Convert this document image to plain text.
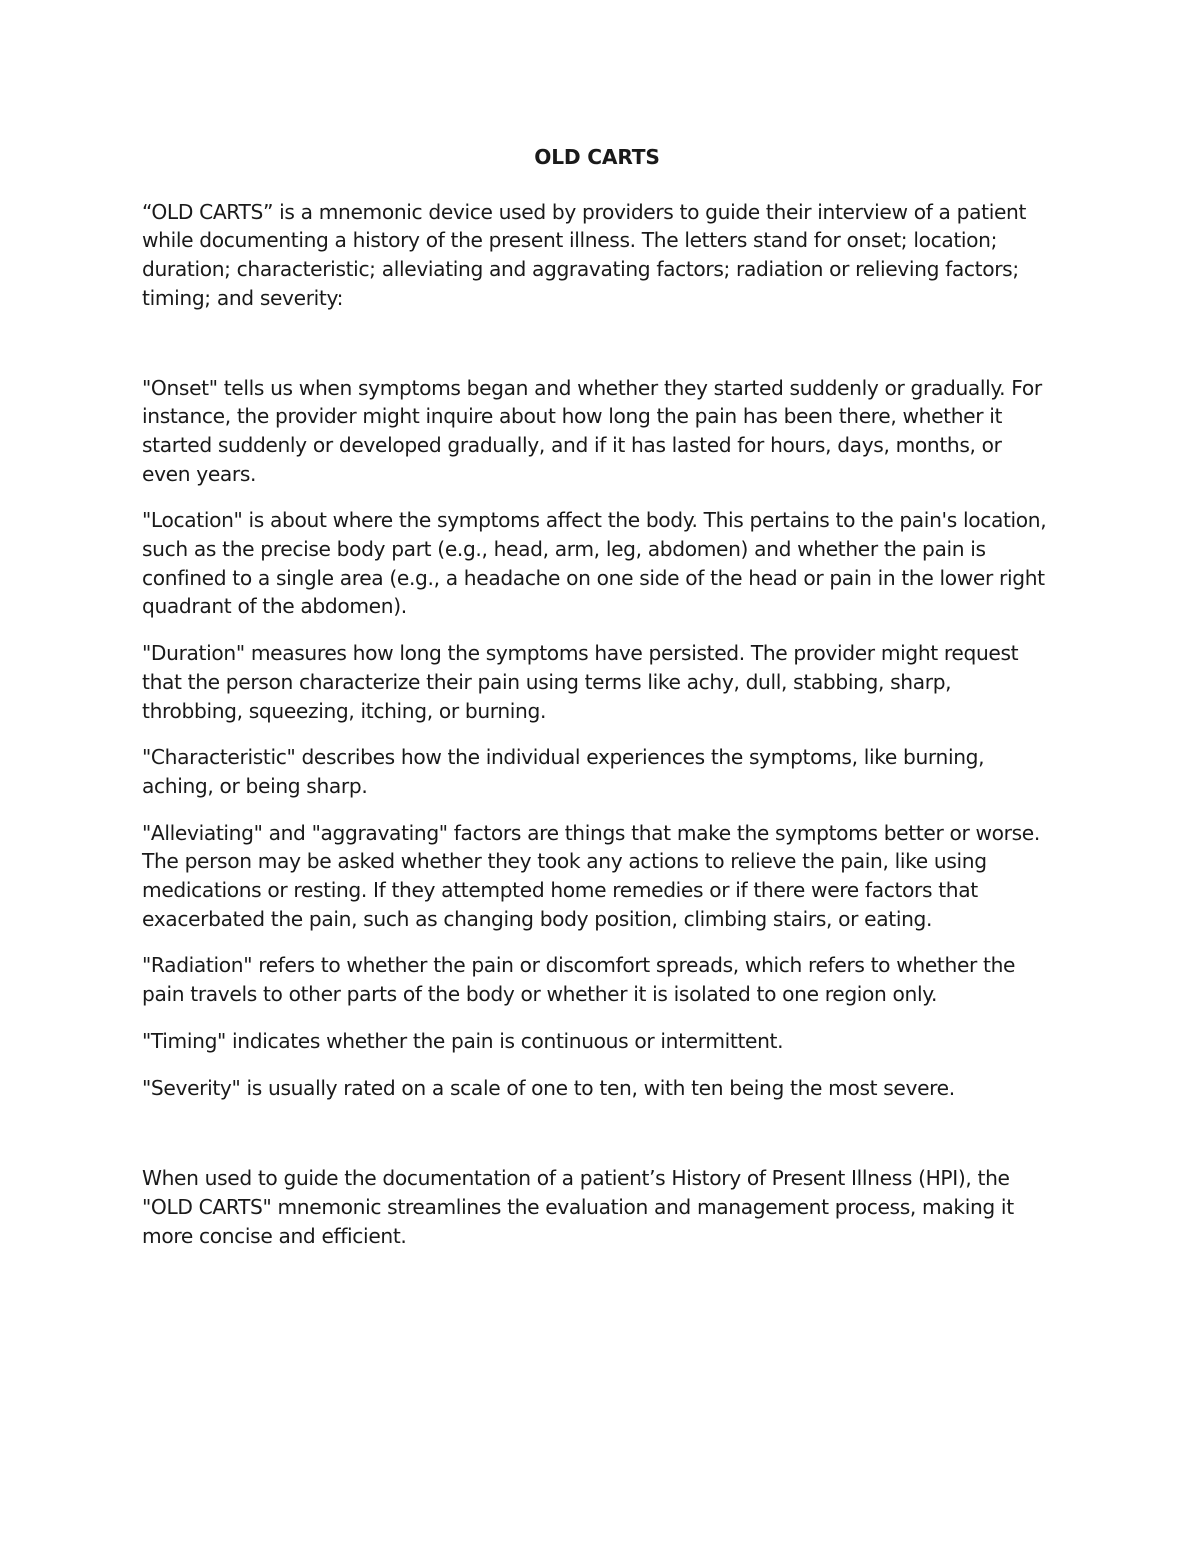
OLD CARTS
“OLD CARTS” is a mnemonic device used by providers to guide their interview of a patient while documenting a history of the present illness. The letters stand for onset; location; duration; characteristic; alleviating and aggravating factors; radiation or relieving factors; timing; and severity:
"Onset" tells us when symptoms began and whether they started suddenly or gradually. For instance, the provider might inquire about how long the pain has been there, whether it started suddenly or developed gradually, and if it has lasted for hours, days, months, or even years.
"Location" is about where the symptoms affect the body. This pertains to the pain's location, such as the precise body part (e.g., head, arm, leg, abdomen) and whether the pain is confined to a single area (e.g., a headache on one side of the head or pain in the lower right quadrant of the abdomen).
"Duration" measures how long the symptoms have persisted. The provider might request that the person characterize their pain using terms like achy, dull, stabbing, sharp, throbbing, squeezing, itching, or burning.
"Characteristic" describes how the individual experiences the symptoms, like burning, aching, or being sharp.
"Alleviating" and "aggravating" factors are things that make the symptoms better or worse. The person may be asked whether they took any actions to relieve the pain, like using medications or resting. If they attempted home remedies or if there were factors that exacerbated the pain, such as changing body position, climbing stairs, or eating.
"Radiation" refers to whether the pain or discomfort spreads, which refers to whether the pain travels to other parts of the body or whether it is isolated to one region only.
"Timing" indicates whether the pain is continuous or intermittent.
"Severity" is usually rated on a scale of one to ten, with ten being the most severe.
When used to guide the documentation of a patient’s History of Present Illness (HPI), the "OLD CARTS" mnemonic streamlines the evaluation and management process, making it more concise and efficient.
